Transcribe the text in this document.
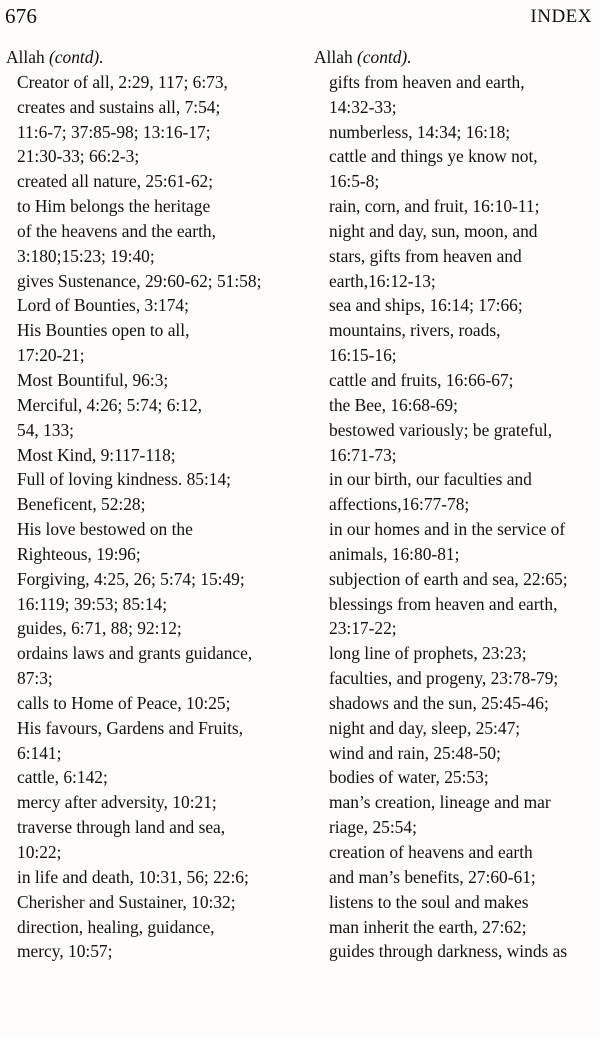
676	INDEX

Allah (contd).

Creator of all, 2:29, 117; 6:73,

creates and sustains all, 7:54;

11:6-7; 37:85-98; 13:16-17;

21:30-33; 66:2-3;

created all nature, 25:61-62;

to Him belongs the heritage

of the heavens and the earth,

3:180;15:23; 19:40;

gives Sustenance, 29:60-62; 51:58;

Lord of Bounties, 3:174;

His Bounties open to all,

17:20-21;

Most Bountiful, 96:3;

Merciful, 4:26; 5:74; 6:12,

54, 133;

Most Kind, 9:117-118;

Full of loving kindness. 85:14;

Beneficent, 52:28;

His love bestowed on the

Righteous, 19:96;

Forgiving, 4:25, 26; 5:74; 15:49;

16:119; 39:53; 85:14;

guides, 6:71, 88; 92:12;

ordains laws and grants guidance,

87:3;

calls to Home of Peace, 10:25;

His favours, Gardens and Fruits,

6:141;

cattle, 6:142;

mercy after adversity, 10:21;

traverse through land and sea,

10:22;

in life and death, 10:31, 56; 22:6;

Cherisher and Sustainer, 10:32;

direction, healing, guidance,

mercy, 10:57;

Allah (contd).

gifts from heaven and earth,

14:32-33;

numberless, 14:34; 16:18;

cattle and things ye know not,

16:5-8;

rain, corn, and fruit, 16:10-11;

night and day, sun, moon, and

stars, gifts from heaven and

earth,16:12-13;

sea and ships, 16:14; 17:66;

mountains, rivers, roads,

16:15-16;

cattle and fruits, 16:66-67;

the Bee, 16:68-69;

bestowed variously; be grateful,

16:71-73;

in our birth, our faculties and

affections,16:77-78;

in our homes and in the service of

animals, 16:80-81;

subjection of earth and sea, 22:65;

blessings from heaven and earth,

23:17-22;

long line of prophets, 23:23;

faculties, and progeny, 23:78-79;

shadows and the sun, 25:45-46;

night and day, sleep, 25:47;

wind and rain, 25:48-50;

bodies of water, 25:53;

man’s creation, lineage and mar

riage, 25:54;

creation of heavens and earth

and man’s benefits, 27:60-61;

listens to the soul and makes

man inherit the earth, 27:62;

guides through darkness, winds as
